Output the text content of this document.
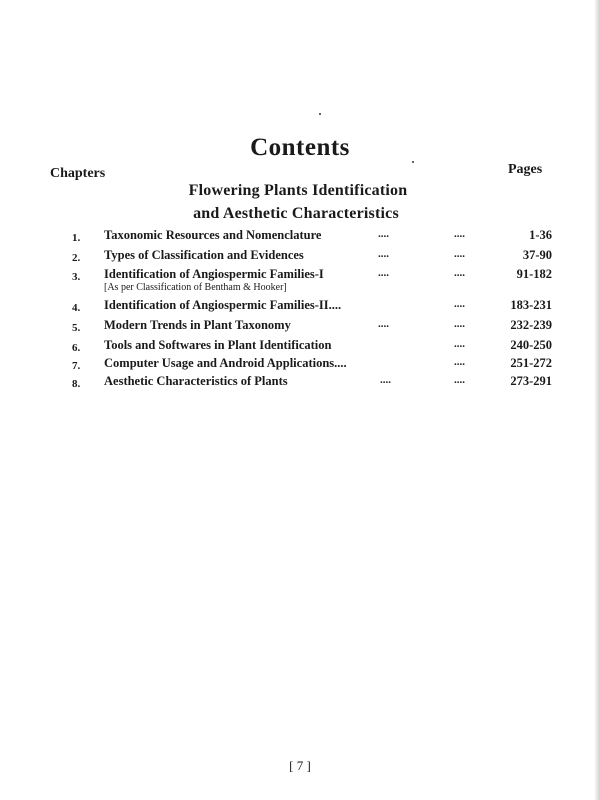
Contents
Chapters	Pages
Flowering Plants Identification
and Aesthetic Characteristics
1. Taxonomic Resources and Nomenclature	....	....	1-36
2. Types of Classification and Evidences	....	....	37-90
3. Identification of Angiospermic Families-I	....	....	91-182
[As per Classification of Bentham & Hooker]
4. Identification of Angiospermic Families-II....	....	183-231
5. Modern Trends in Plant Taxonomy	....	....	232-239
6. Tools and Softwares in Plant Identification	....	240-250
7. Computer Usage and Android Applications....	....	251-272
8. Aesthetic Characteristics of Plants	....	....	273-291
[ 7 ]
